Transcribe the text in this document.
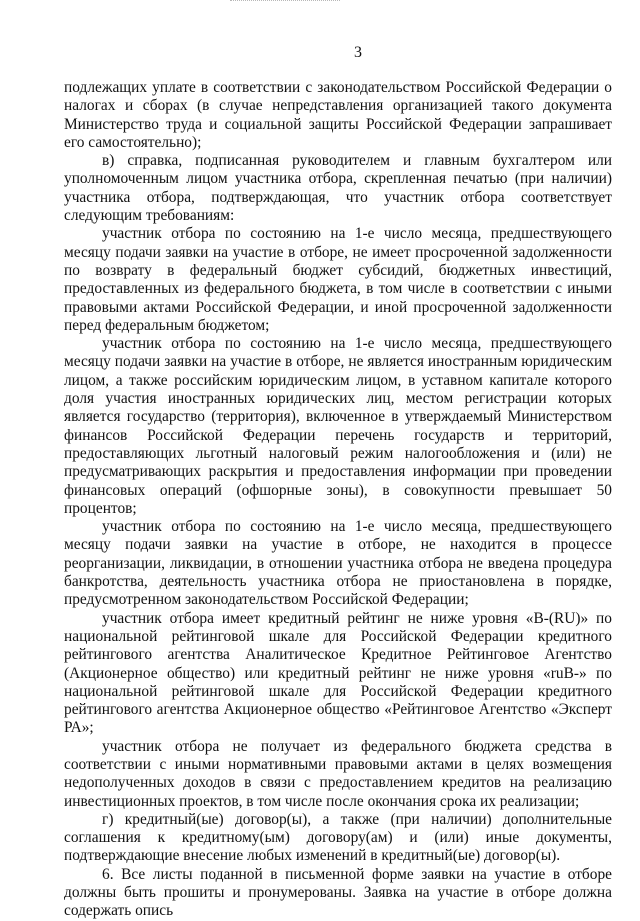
3

подлежащих уплате в соответствии с законодательством Российской Федерации о налогах и сборах (в случае непредставления организацией такого документа Министерство труда и социальной защиты Российской Федерации запрашивает его самостоятельно);

в) справка, подписанная руководителем и главным бухгалтером или уполномоченным лицом участника отбора, скрепленная печатью (при наличии) участника отбора, подтверждающая, что участник отбора соответствует следующим требованиям:

участник отбора по состоянию на 1-е число месяца, предшествующего месяцу подачи заявки на участие в отборе, не имеет просроченной задолженности по возврату в федеральный бюджет субсидий, бюджетных инвестиций, предоставленных из федерального бюджета, в том числе в соответствии с иными правовыми актами Российской Федерации, и иной просроченной задолженности перед федеральным бюджетом;

участник отбора по состоянию на 1-е число месяца, предшествующего месяцу подачи заявки на участие в отборе, не является иностранным юридическим лицом, а также российским юридическим лицом, в уставном капитале которого доля участия иностранных юридических лиц, местом регистрации которых является государство (территория), включенное в утверждаемый Министерством финансов Российской Федерации перечень государств и территорий, предоставляющих льготный налоговый режим налогообложения и (или) не предусматривающих раскрытия и предоставления информации при проведении финансовых операций (офшорные зоны), в совокупности превышает 50 процентов;

участник отбора по состоянию на 1-е число месяца, предшествующего месяцу подачи заявки на участие в отборе, не находится в процессе реорганизации, ликвидации, в отношении участника отбора не введена процедура банкротства, деятельность участника отбора не приостановлена в порядке, предусмотренном законодательством Российской Федерации;

участник отбора имеет кредитный рейтинг не ниже уровня «B-(RU)» по национальной рейтинговой шкале для Российской Федерации кредитного рейтингового агентства Аналитическое Кредитное Рейтинговое Агентство (Акционерное общество) или кредитный рейтинг не ниже уровня «ruB-» по национальной рейтинговой шкале для Российской Федерации кредитного рейтингового агентства Акционерное общество «Рейтинговое Агентство «Эксперт РА»;

участник отбора не получает из федерального бюджета средства в соответствии с иными нормативными правовыми актами в целях возмещения недополученных доходов в связи с предоставлением кредитов на реализацию инвестиционных проектов, в том числе после окончания срока их реализации;

г) кредитный(ые) договор(ы), а также (при наличии) дополнительные соглашения к кредитному(ым) договору(ам) и (или) иные документы, подтверждающие внесение любых изменений в кредитный(ые) договор(ы).

6. Все листы поданной в письменной форме заявки на участие в отборе должны быть прошиты и пронумерованы. Заявка на участие в отборе должна содержать опись
